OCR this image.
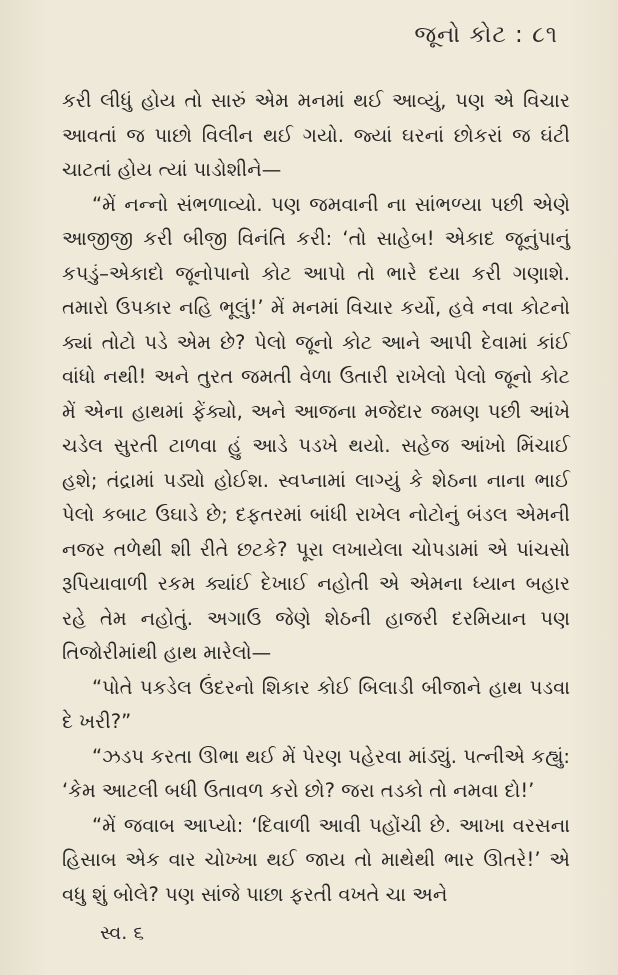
જૂનો કોટ : ૮૧

કરી લીધું હોય તો સારું એમ મનમાં થઈ આવ્યું, પણ એ વિચાર આવતાં જ પાછો વિલીન થઈ ગયો. જ્યાં ઘરનાં છોકરાં જ ઘંટી ચાટતાં હોય ત્યાં પાડોશીને—

“મેં નન્નો સંભળાવ્યો. પણ જમવાની ના સાંભળ્યા પછી એણે આજીજી કરી બીજી વિનંતિ કરી: ‘તો સાહેબ! એકાદ જૂનુંપાનું કપડું–એકાદો જૂનોપાનો કોટ આપો તો ભારે દયા કરી ગણાશે. તમારો ઉપકાર નહિ ભૂલું!’ મેં મનમાં વિચાર કર્યો, હવે નવા કોટનો ક્યાં તોટો પડે એમ છે? પેલો જૂનો કોટ આને આપી દેવામાં કાંઈ વાંધો નથી! અને તુરત જમતી વેળા ઉતારી રાખેલો પેલો જૂનો કોટ મેં એના હાથમાં ફેંક્યો, અને આજના મજેદાર જમણ પછી આંખે ચડેલ સુરતી ટાળવા હું આડે પડખે થયો. સહેજ આંખો મિંચાઈ હશે; તંદ્રામાં પડ્યો હોઈશ. સ્વપ્નામાં લાગ્યું કે શેઠના નાના ભાઈ પેલો કબાટ ઉઘાડે છે; દફતરમાં બાંધી રાખેલ નોટોનું બંડલ એમની નજર તળેથી શી રીતે છટકે? પૂરા લખાયેલા ચોપડામાં એ પાંચસો રૂપિયાવાળી રકમ ક્યાંઈ દેખાઈ નહોતી એ એમના ધ્યાન બહાર રહે તેમ નહોતું. અગાઉ જેણે શેઠની હાજરી દરમિયાન પણ તિજોરીમાંથી હાથ મારેલો—

“પોતે પકડેલ ઉંદરનો શિકાર કોઈ બિલાડી બીજાને હાથ પડવા દે ખરી?”

“ઝડપ કરતા ઊભા થઈ મેં પેરણ પહેરવા માંડ્યું. પત્નીએ કહ્યું: ‘કેમ આટલી બધી ઉતાવળ કરો છો? જરા તડકો તો નમવા દો!’

“મેં જવાબ આપ્યો: ‘દિવાળી આવી પહોંચી છે. આખા વરસના હિસાબ એક વાર ચોખ્ખા થઈ જાય તો માથેથી ભાર ઊતરે!’ એ વધુ શું બોલે? પણ સાંજે પાછા ફરતી વખતે ચા અને

સ્વ. ૬
